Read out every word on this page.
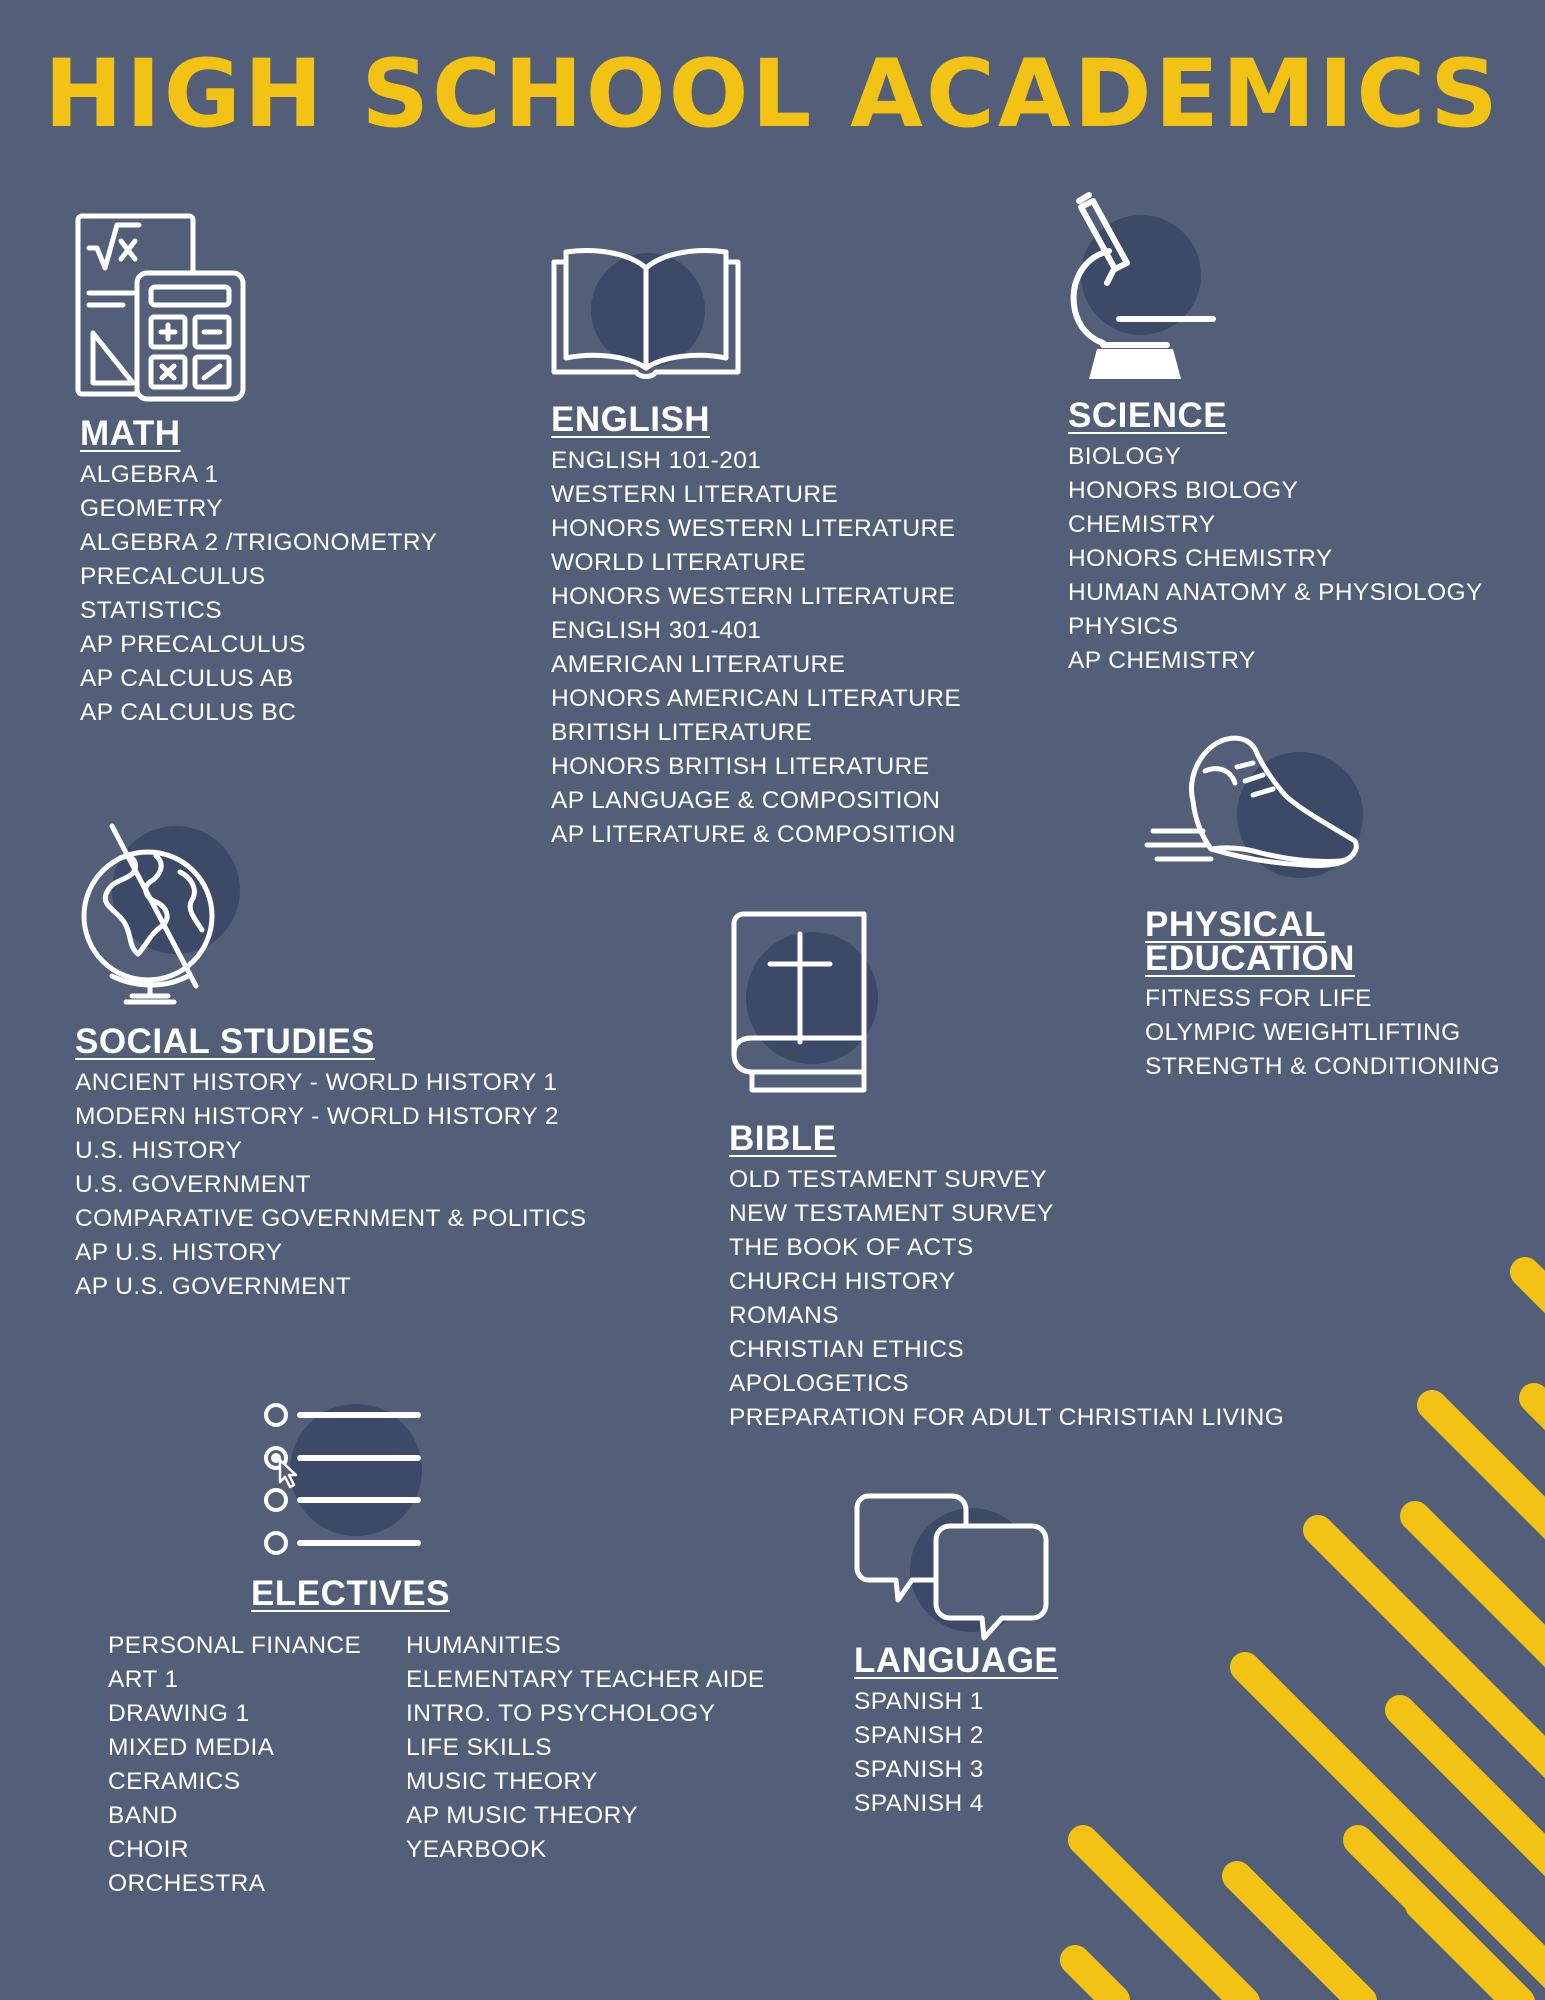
HIGH SCHOOL ACADEMICS
MATH
ALGEBRA 1
GEOMETRY
ALGEBRA 2 /TRIGONOMETRY
PRECALCULUS
STATISTICS
AP PRECALCULUS
AP CALCULUS AB
AP CALCULUS BC
ENGLISH
ENGLISH 101-201
WESTERN LITERATURE
HONORS WESTERN LITERATURE
WORLD LITERATURE
HONORS WESTERN LITERATURE
ENGLISH 301-401
AMERICAN LITERATURE
HONORS AMERICAN LITERATURE
BRITISH LITERATURE
HONORS BRITISH LITERATURE
AP LANGUAGE & COMPOSITION
AP LITERATURE & COMPOSITION
SCIENCE
BIOLOGY
HONORS BIOLOGY
CHEMISTRY
HONORS CHEMISTRY
HUMAN ANATOMY & PHYSIOLOGY
PHYSICS
AP CHEMISTRY
PHYSICAL
EDUCATION
FITNESS FOR LIFE
OLYMPIC WEIGHTLIFTING
STRENGTH & CONDITIONING
SOCIAL STUDIES
ANCIENT HISTORY - WORLD HISTORY 1
MODERN HISTORY - WORLD HISTORY 2
U.S. HISTORY
U.S. GOVERNMENT
COMPARATIVE GOVERNMENT & POLITICS
AP U.S. HISTORY
AP U.S. GOVERNMENT
BIBLE
OLD TESTAMENT SURVEY
NEW TESTAMENT SURVEY
THE BOOK OF ACTS
CHURCH HISTORY
ROMANS
CHRISTIAN ETHICS
APOLOGETICS
PREPARATION FOR ADULT CHRISTIAN LIVING
ELECTIVES
PERSONAL FINANCE
ART 1
DRAWING 1
MIXED MEDIA
CERAMICS
BAND
CHOIR
ORCHESTRA
HUMANITIES
ELEMENTARY TEACHER AIDE
INTRO. TO PSYCHOLOGY
LIFE SKILLS
MUSIC THEORY
AP MUSIC THEORY
YEARBOOK
LANGUAGE
SPANISH 1
SPANISH 2
SPANISH 3
SPANISH 4
